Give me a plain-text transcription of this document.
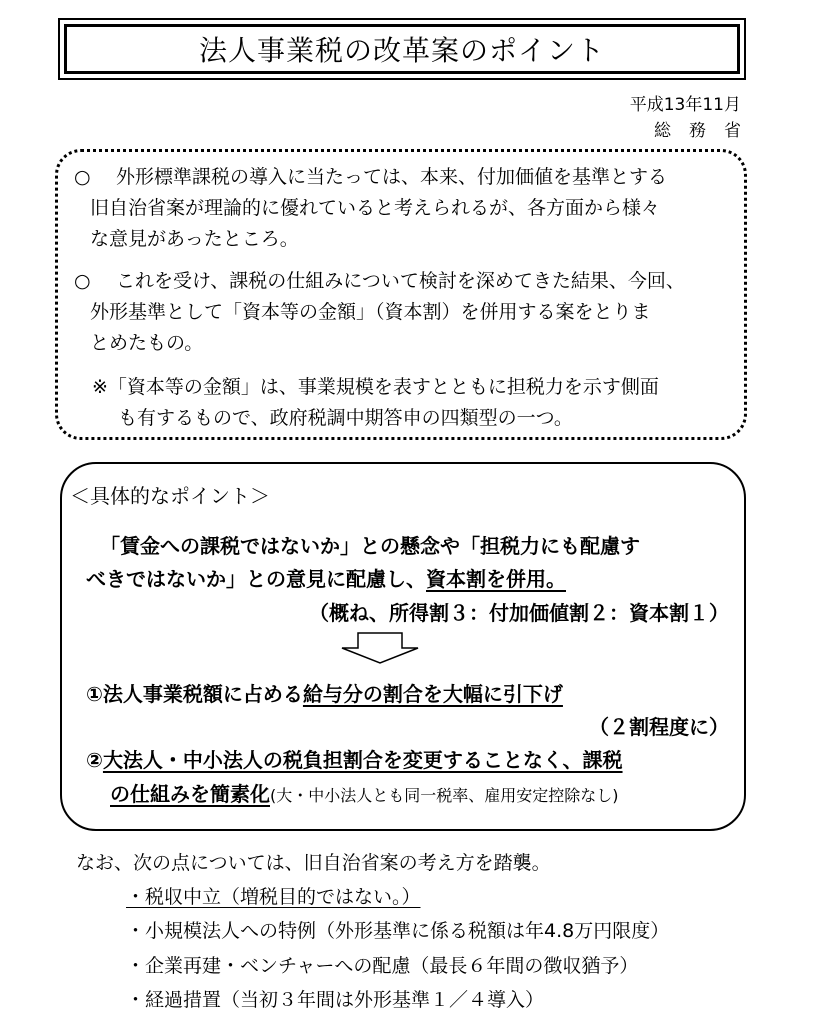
法人事業税の改革案のポイント
平成13年11月
総務省
○ 外形標準課税の導入に当たっては、本来、付加価値を基準とする
旧自治省案が理論的に優れていると考えられるが、各方面から様々
な意見があったところ。
○ これを受け、課税の仕組みについて検討を深めてきた結果、今回、
外形基準として「資本等の金額」（資本割）を併用する案をとりま
とめたもの。
※「資本等の金額」は、事業規模を表すとともに担税力を示す側面
も有するもので、政府税調中期答申の四類型の一つ。
＜具体的なポイント＞
「賃金への課税ではないか」との懸念や「担税力にも配慮す
べきではないか」との意見に配慮し、資本割を併用。
（概ね、所得割３：付加価値割２：資本割１）
①法人事業税額に占める給与分の割合を大幅に引下げ
（２割程度に）
②大法人・中小法人の税負担割合を変更することなく、課税
の仕組みを簡素化(大・中小法人とも同一税率、雇用安定控除なし)
なお、次の点については、旧自治省案の考え方を踏襲。
・税収中立（増税目的ではない。）
・小規模法人への特例（外形基準に係る税額は年4.8万円限度）
・企業再建・ベンチャーへの配慮（最長６年間の徴収猶予）
・経過措置（当初３年間は外形基準１／４導入）
